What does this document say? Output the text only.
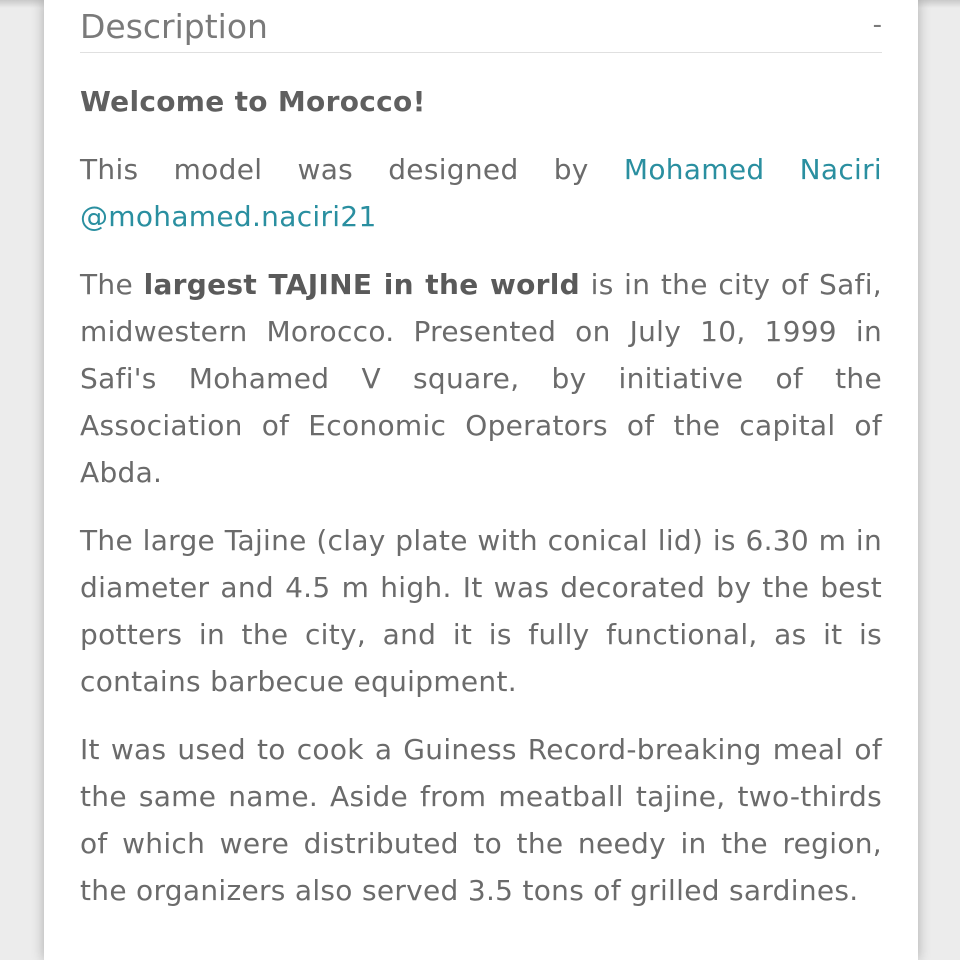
Description	-

Welcome to Morocco!

This model was designed by Mohamed Naciri @mohamed.naciri21

The largest TAJINE in the world is in the city of Safi, midwestern Morocco. Presented on July 10, 1999 in Safi's Mohamed V square, by initiative of the Association of Economic Operators of the capital of Abda.

The large Tajine (clay plate with conical lid) is 6.30 m in diameter and 4.5 m high. It was decorated by the best potters in the city, and it is fully functional, as it is contains barbecue equipment.

It was used to cook a Guiness Record-breaking meal of the same name. Aside from meatball tajine, two-thirds of which were distributed to the needy in the region, the organizers also served 3.5 tons of grilled sardines.
